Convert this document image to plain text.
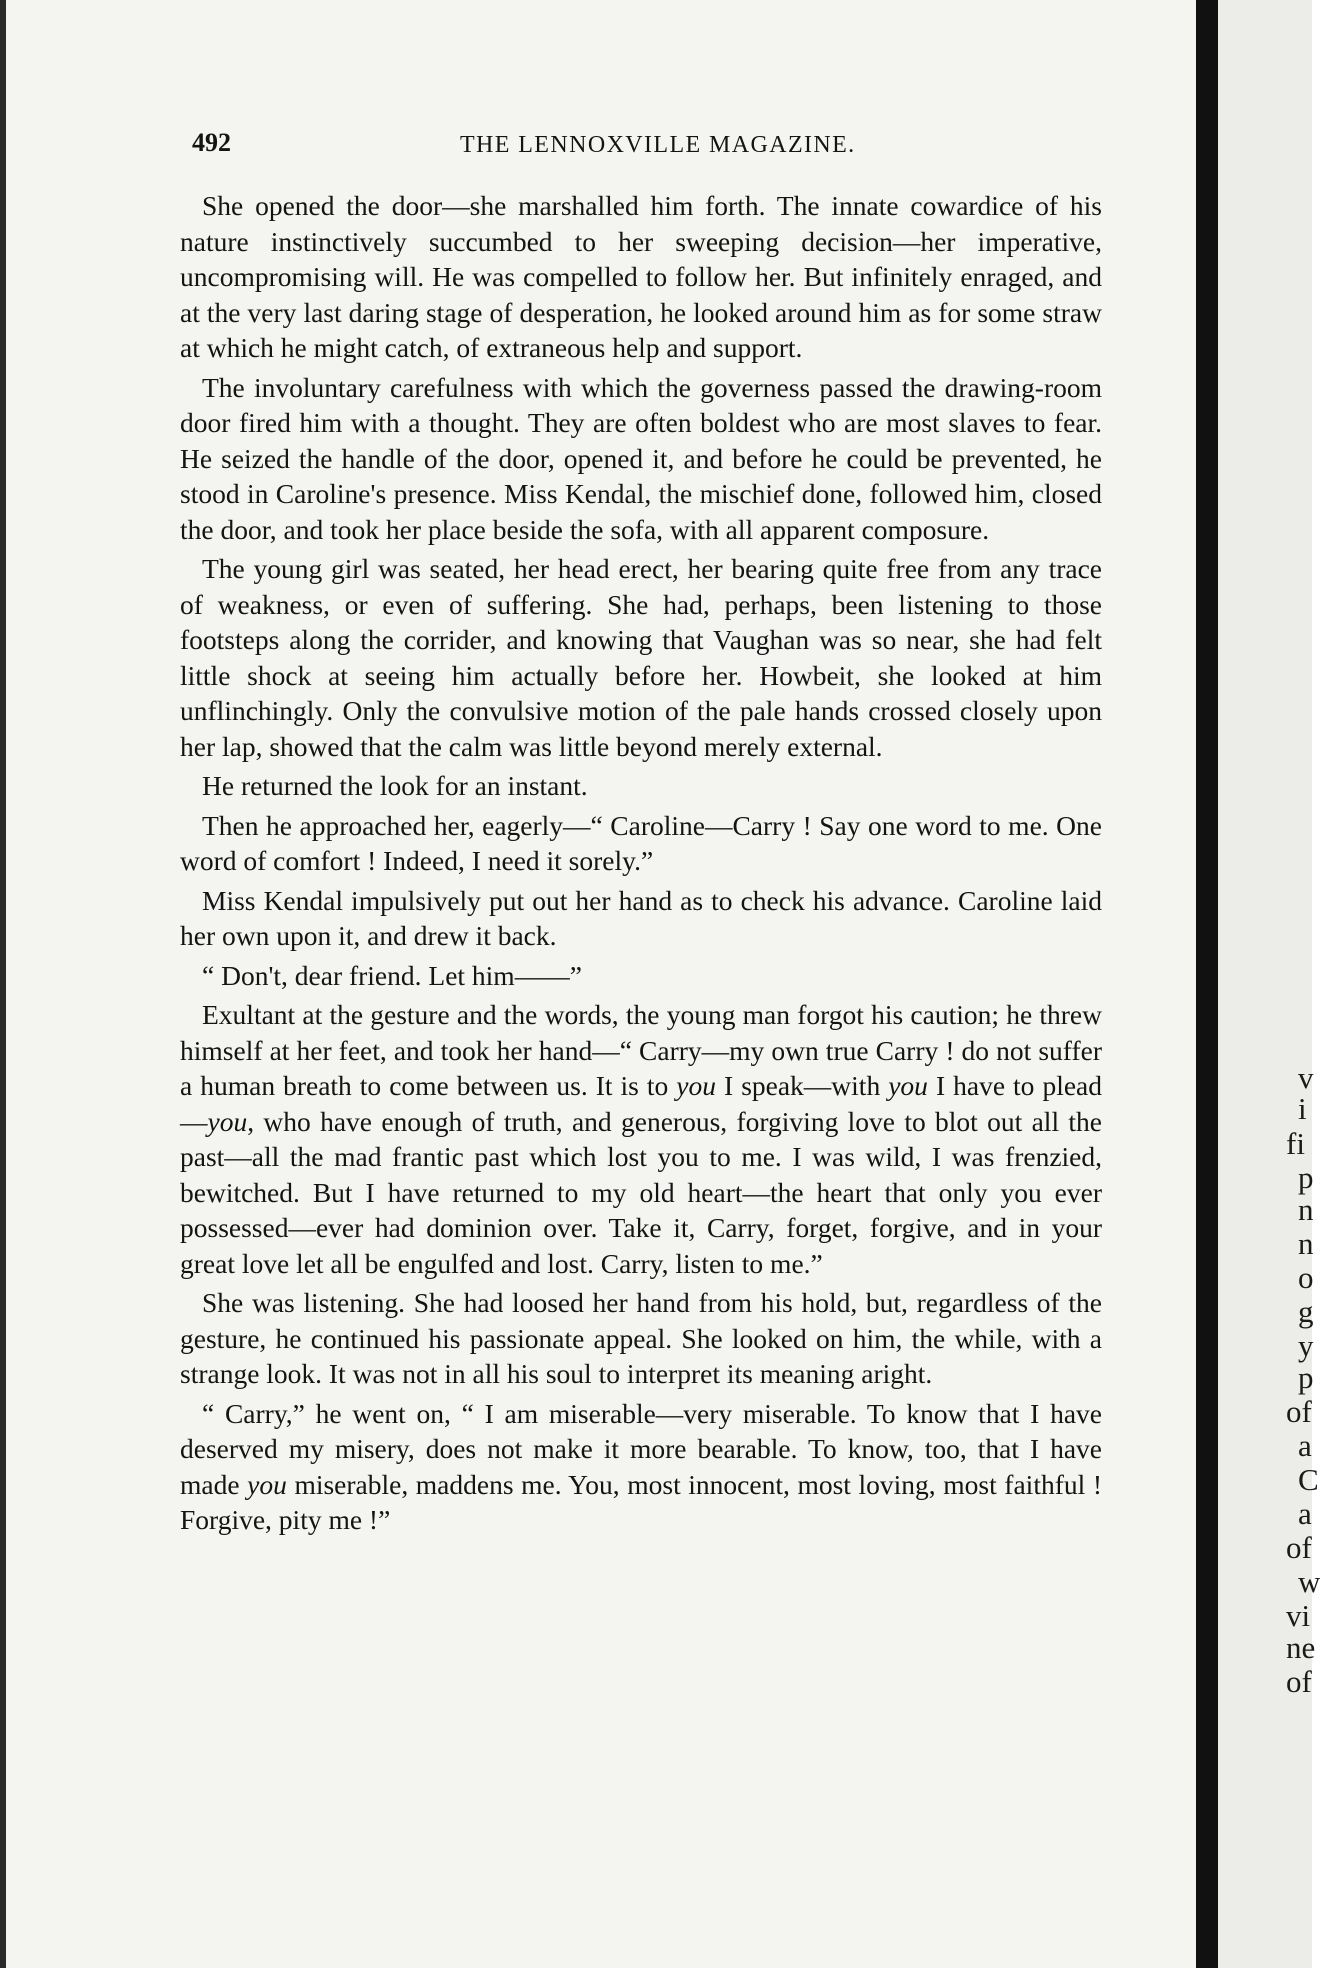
v
i
fi
p
n
n
o
g
y
p
of
a
C
a
of
w
vi
ne
of
492	THE LENNOXVILLE MAGAZINE.

She opened the door—she marshalled him forth. The innate cowardice of his nature instinctively succumbed to her sweeping decision—her imperative, uncompromising will. He was compelled to follow her. But infinitely enraged, and at the very last daring stage of desperation, he looked around him as for some straw at which he might catch, of extraneous help and support.

The involuntary carefulness with which the governess passed the drawing-room door fired him with a thought. They are often boldest who are most slaves to fear. He seized the handle of the door, opened it, and before he could be prevented, he stood in Caroline's presence. Miss Kendal, the mischief done, followed him, closed the door, and took her place beside the sofa, with all apparent composure.

The young girl was seated, her head erect, her bearing quite free from any trace of weakness, or even of suffering. She had, perhaps, been listening to those footsteps along the corrider, and knowing that Vaughan was so near, she had felt little shock at seeing him actually before her. Howbeit, she looked at him unflinchingly. Only the convulsive motion of the pale hands crossed closely upon her lap, showed that the calm was little beyond merely external.

He returned the look for an instant.

Then he approached her, eagerly—“ Caroline—Carry ! Say one word to me. One word of comfort ! Indeed, I need it sorely.”

Miss Kendal impulsively put out her hand as to check his advance. Caroline laid her own upon it, and drew it back.

“ Don't, dear friend. Let him——”

Exultant at the gesture and the words, the young man forgot his caution; he threw himself at her feet, and took her hand—“ Carry—my own true Carry ! do not suffer a human breath to come between us. It is to you I speak—with you I have to plead—you, who have enough of truth, and generous, forgiving love to blot out all the past—all the mad frantic past which lost you to me. I was wild, I was frenzied, bewitched. But I have returned to my old heart—the heart that only you ever possessed—ever had dominion over. Take it, Carry, forget, forgive, and in your great love let all be engulfed and lost. Carry, listen to me.”

She was listening. She had loosed her hand from his hold, but, regardless of the gesture, he continued his passionate appeal. She looked on him, the while, with a strange look. It was not in all his soul to interpret its meaning aright.

“ Carry,” he went on, “ I am miserable—very miserable. To know that I have deserved my misery, does not make it more bearable. To know, too, that I have made you miserable, maddens me. You, most innocent, most loving, most faithful ! Forgive, pity me !”
